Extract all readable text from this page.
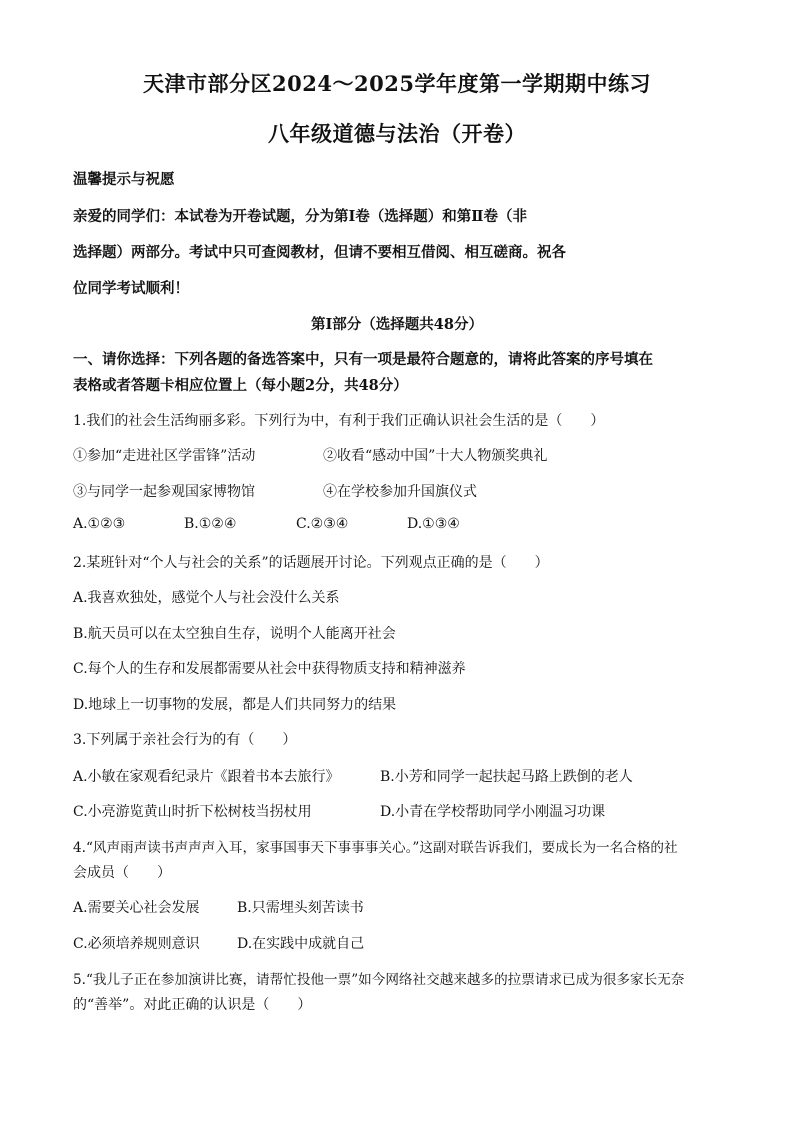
天津市部分区2024～2025学年度第一学期期中练习
八年级道德与法治（开卷）
温馨提示与祝愿
亲爱的同学们：本试卷为开卷试题，分为第Ⅰ卷（选择题）和第Ⅱ卷（非
选择题）两部分。考试中只可查阅教材，但请不要相互借阅、相互磋商。祝各
位同学考试顺利！
第Ⅰ部分（选择题共48分）
一、请你选择：下列各题的备选答案中，只有一项是最符合题意的，请将此答案的序号填在
表格或者答题卡相应位置上（每小题2分，共48分）
1.我们的社会生活绚丽多彩。下列行为中，有利于我们正确认识社会生活的是（　　）
①参加“走进社区学雷锋”活动	②收看“感动中国”十大人物颁奖典礼
③与同学一起参观国家博物馆	④在学校参加升国旗仪式
A.①②③	B.①②④	C.②③④	D.①③④
2.某班针对“个人与社会的关系”的话题展开讨论。下列观点正确的是（　　）
A.我喜欢独处，感觉个人与社会没什么关系
B.航天员可以在太空独自生存，说明个人能离开社会
C.每个人的生存和发展都需要从社会中获得物质支持和精神滋养
D.地球上一切事物的发展，都是人们共同努力的结果
3.下列属于亲社会行为的有（　　）
A.小敏在家观看纪录片《跟着书本去旅行》	B.小芳和同学一起扶起马路上跌倒的老人
C.小亮游览黄山时折下松树枝当拐杖用	D.小青在学校帮助同学小刚温习功课
4.“风声雨声读书声声声入耳，家事国事天下事事事关心。”这副对联告诉我们，要成长为一名合格的社
会成员（　　）
A.需要关心社会发展	B.只需埋头刻苦读书
C.必须培养规则意识	D.在实践中成就自己
5.“我儿子正在参加演讲比赛，请帮忙投他一票”如今网络社交越来越多的拉票请求已成为很多家长无奈
的“善举”。对此正确的认识是（　　）
